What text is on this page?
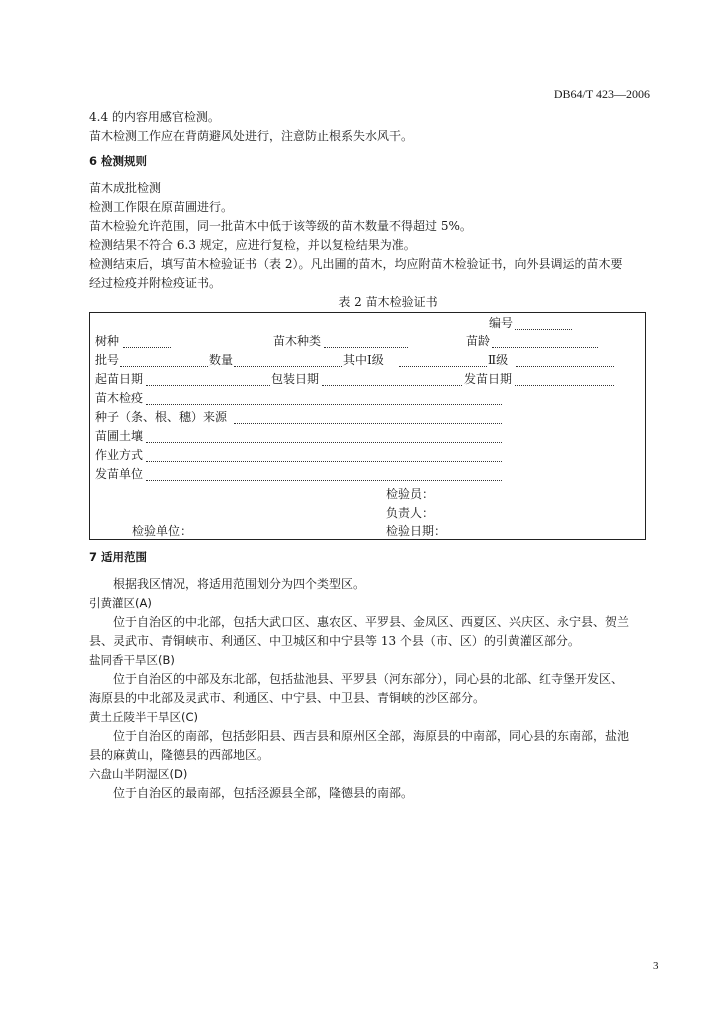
DB64/T 423—2006
4.4 的内容用感官检测。
苗木检测工作应在背荫避风处进行，注意防止根系失水风干。
6 检测规则
苗木成批检测
检测工作限在原苗圃进行。
苗木检验允许范围，同一批苗木中低于该等级的苗木数量不得超过 5%。
检测结果不符合 6.3 规定，应进行复检，并以复检结果为准。
检测结束后，填写苗木检验证书（表 2）。凡出圃的苗木，均应附苗木检验证书，向外县调运的苗木要
经过检疫并附检疫证书。
表 2 苗木检验证书
编号
树种	苗木种类	苗龄
批号	数量	其中Ⅰ级	Ⅱ级
起苗日期	包装日期	发苗日期
苗木检疫
种子（条、根、穗）来源
苗圃土壤
作业方式
发苗单位
检验员：
负责人：
检验单位：	检验日期：
7 适用范围
根据我区情况，将适用范围划分为四个类型区。
引黄灌区(A)
位于自治区的中北部，包括大武口区、惠农区、平罗县、金凤区、西夏区、兴庆区、永宁县、贺兰
县、灵武市、青铜峡市、利通区、中卫城区和中宁县等 13 个县（市、区）的引黄灌区部分。
盐同香干旱区(B)
位于自治区的中部及东北部，包括盐池县、平罗县（河东部分），同心县的北部、红寺堡开发区、
海原县的中北部及灵武市、利通区、中宁县、中卫县、青铜峡的沙区部分。
黄土丘陵半干旱区(C)
位于自治区的南部，包括彭阳县、西吉县和原州区全部，海原县的中南部，同心县的东南部，盐池
县的麻黄山，隆德县的西部地区。
六盘山半阴湿区(D)
位于自治区的最南部，包括泾源县全部，隆德县的南部。
3
